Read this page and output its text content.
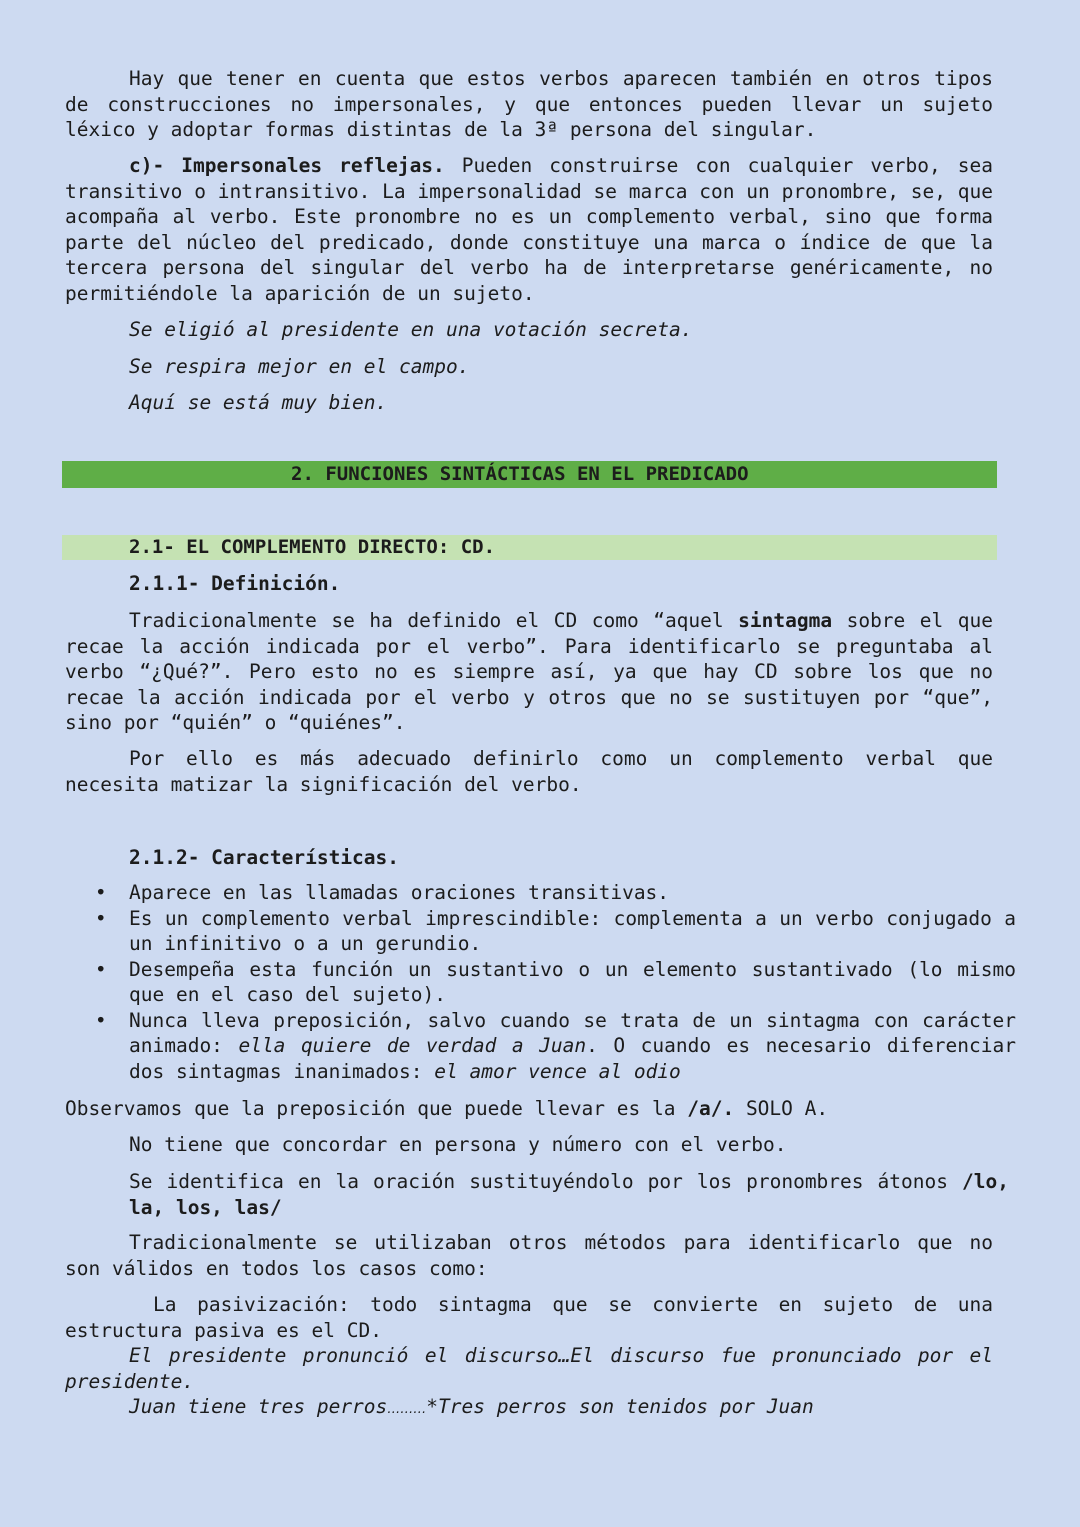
Hay que tener en cuenta que estos verbos aparecen también en otros tipos de construcciones no impersonales, y que entonces pueden llevar un sujeto léxico y adoptar formas distintas de la 3ª persona del singular.

c)- Impersonales reflejas. Pueden construirse con cualquier verbo, sea transitivo o intransitivo. La impersonalidad se marca con un pronombre, se, que acompaña al verbo. Este pronombre no es un complemento verbal, sino que forma parte del núcleo del predicado, donde constituye una marca o índice de que la tercera persona del singular del verbo ha de interpretarse genéricamente, no permitiéndole la aparición de un sujeto.

Se eligió al presidente en una votación secreta.

Se respira mejor en el campo.

Aquí se está muy bien.

2. FUNCIONES SINTÁCTICAS EN EL PREDICADO
2.1- EL COMPLEMENTO DIRECTO: CD.

2.1.1- Definición.

Tradicionalmente se ha definido el CD como “aquel sintagma sobre el que recae la acción indicada por el verbo”. Para identificarlo se preguntaba al verbo “¿Qué?”. Pero esto no es siempre así, ya que hay CD sobre los que no recae la acción indicada por el verbo y otros que no se sustituyen por “que”, sino por “quién” o “quiénes”.

Por ello es más adecuado definirlo como un complemento verbal que necesita matizar la significación del verbo.

2.1.2- Características.

• Aparece en las llamadas oraciones transitivas.
• Es un complemento verbal imprescindible: complementa a un verbo conjugado a un infinitivo o a un gerundio.
• Desempeña esta función un sustantivo o un elemento sustantivado (lo mismo que en el caso del sujeto).
• Nunca lleva preposición, salvo cuando se trata de un sintagma con carácter animado: ella quiere de verdad a Juan. O cuando es necesario diferenciar dos sintagmas inanimados: el amor vence al odio

Observamos que la preposición que puede llevar es la /a/. SOLO A.

No tiene que concordar en persona y número con el verbo.

Se identifica en la oración sustituyéndolo por los pronombres átonos /lo, la, los, las/

Tradicionalmente se utilizaban otros métodos para identificarlo que no son válidos en todos los casos como:

La pasivización: todo sintagma que se convierte en sujeto de una estructura pasiva es el CD.

El presidente pronunció el discurso…El discurso fue pronunciado por el presidente.

Juan tiene tres perros………*Tres perros son tenidos por Juan
